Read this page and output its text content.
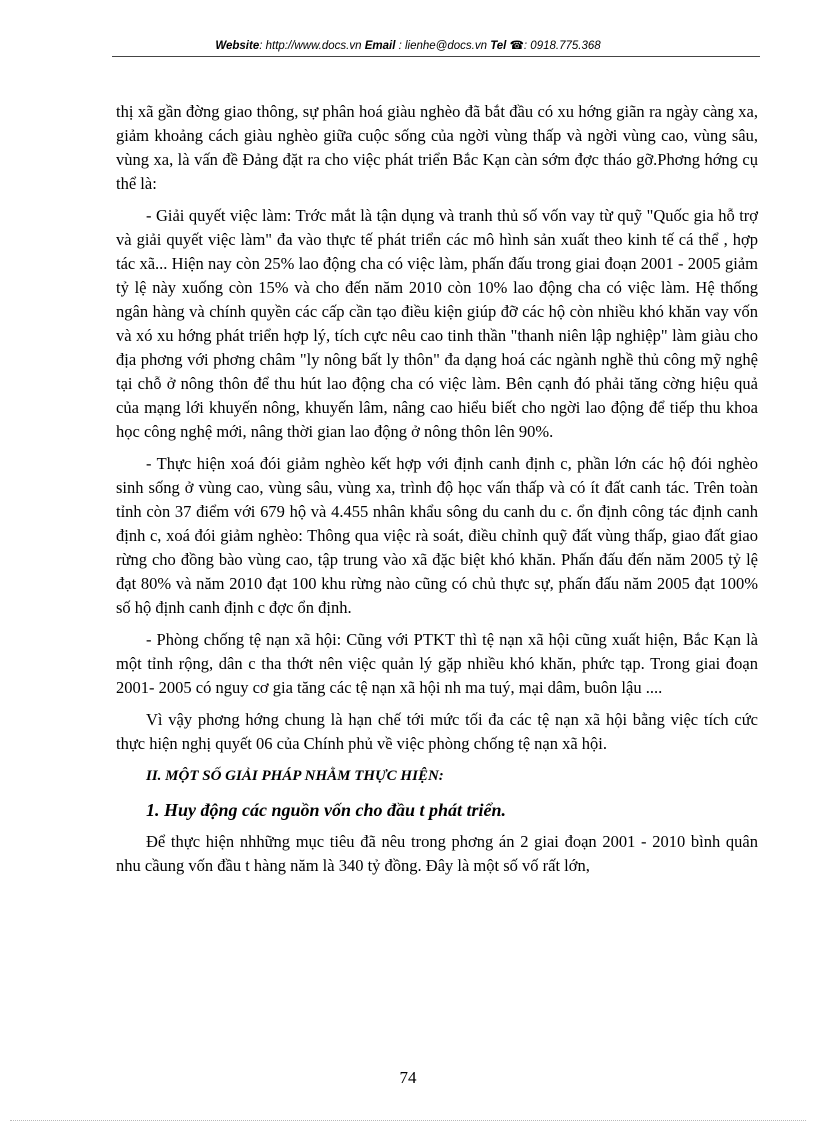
Website: http://www.docs.vn Email : lienhe@docs.vn Tel ☎: 0918.775.368

thị xã gần đờng giao thông, sự phân hoá giàu nghèo đã bắt đầu có xu hớng giãn ra ngày càng xa, giảm khoảng cách giàu nghèo giữa cuộc sống của ngời vùng thấp và ngời vùng cao, vùng sâu, vùng xa, là vấn đề Đảng đặt ra cho việc phát triển Bắc Kạn càn sớm đợc tháo gỡ.Phơng hớng cụ thể là:

- Giải quyết việc làm: Trớc mắt là tận dụng và tranh thủ số vốn vay từ quỹ "Quốc gia hỗ trợ và giải quyết việc làm" đa vào thực tế phát triển các mô hình sản xuất theo kinh tế cá thể , hợp tác xã... Hiện nay còn 25% lao động cha có việc làm, phấn đấu trong giai đoạn 2001 - 2005 giảm tỷ lệ này xuống còn 15% và cho đến năm 2010 còn 10% lao động cha có việc làm. Hệ thống ngân hàng và chính quyền các cấp cần tạo điều kiện giúp đỡ các hộ còn nhiều khó khăn vay vốn và xó xu hớng phát triển hợp lý, tích cực nêu cao tinh thần "thanh niên lập nghiệp" làm giàu cho địa phơng với phơng châm "ly nông bất ly thôn" đa dạng hoá các ngành nghề thủ công mỹ nghệ tại chỗ ở nông thôn để thu hút lao động cha có việc làm. Bên cạnh đó phải tăng cờng hiệu quả của mạng lới khuyến nông, khuyến lâm, nâng cao hiểu biết cho ngời lao động để tiếp thu khoa học công nghệ mới, nâng thời gian lao động ở nông thôn lên 90%.

- Thực hiện xoá đói giảm nghèo kết hợp với định canh định c, phần lớn các hộ đói nghèo sinh sống ở vùng cao, vùng sâu, vùng xa, trình độ học vấn thấp và có ít đất canh tác. Trên toàn tỉnh còn 37 điểm với 679 hộ và 4.455 nhân khẩu sông du canh du c. ổn định công tác định canh định c, xoá đói giảm nghèo: Thông qua việc rà soát, điều chỉnh quỹ đất vùng thấp, giao đất giao rừng cho đồng bào vùng cao, tập trung vào xã đặc biệt khó khăn. Phấn đấu đến năm 2005 tỷ lệ đạt 80% và năm 2010 đạt 100 khu rừng nào cũng có chủ thực sự, phấn đấu năm 2005 đạt 100% số hộ định canh định c đợc ổn định.

- Phòng chống tệ nạn xã hội: Cũng với PTKT thì tệ nạn xã hội cũng xuất hiện, Bắc Kạn là một tỉnh rộng, dân c tha thớt nên việc quản lý gặp nhiều khó khăn, phức tạp. Trong giai đoạn 2001- 2005 có nguy cơ gia tăng các tệ nạn xã hội nh ma tuý, mại dâm, buôn lậu ....

Vì vậy phơng hớng chung là hạn chế tới mức tối đa các tệ nạn xã hội bằng việc tích cức thực hiện nghị quyết 06 của Chính phủ về việc phòng chống tệ nạn xã hội.

II. MỘT SỐ GIẢI PHÁP NHẰM THỰC HIỆN:
1. Huy động các nguồn vốn cho đầu t phát triển.

Để thực hiện nhhững mục tiêu đã nêu trong phơng án 2 giai đoạn 2001 - 2010 bình quân nhu cầung vốn đầu t hàng năm là 340 tỷ đồng. Đây là một số vố rất lớn,

74
